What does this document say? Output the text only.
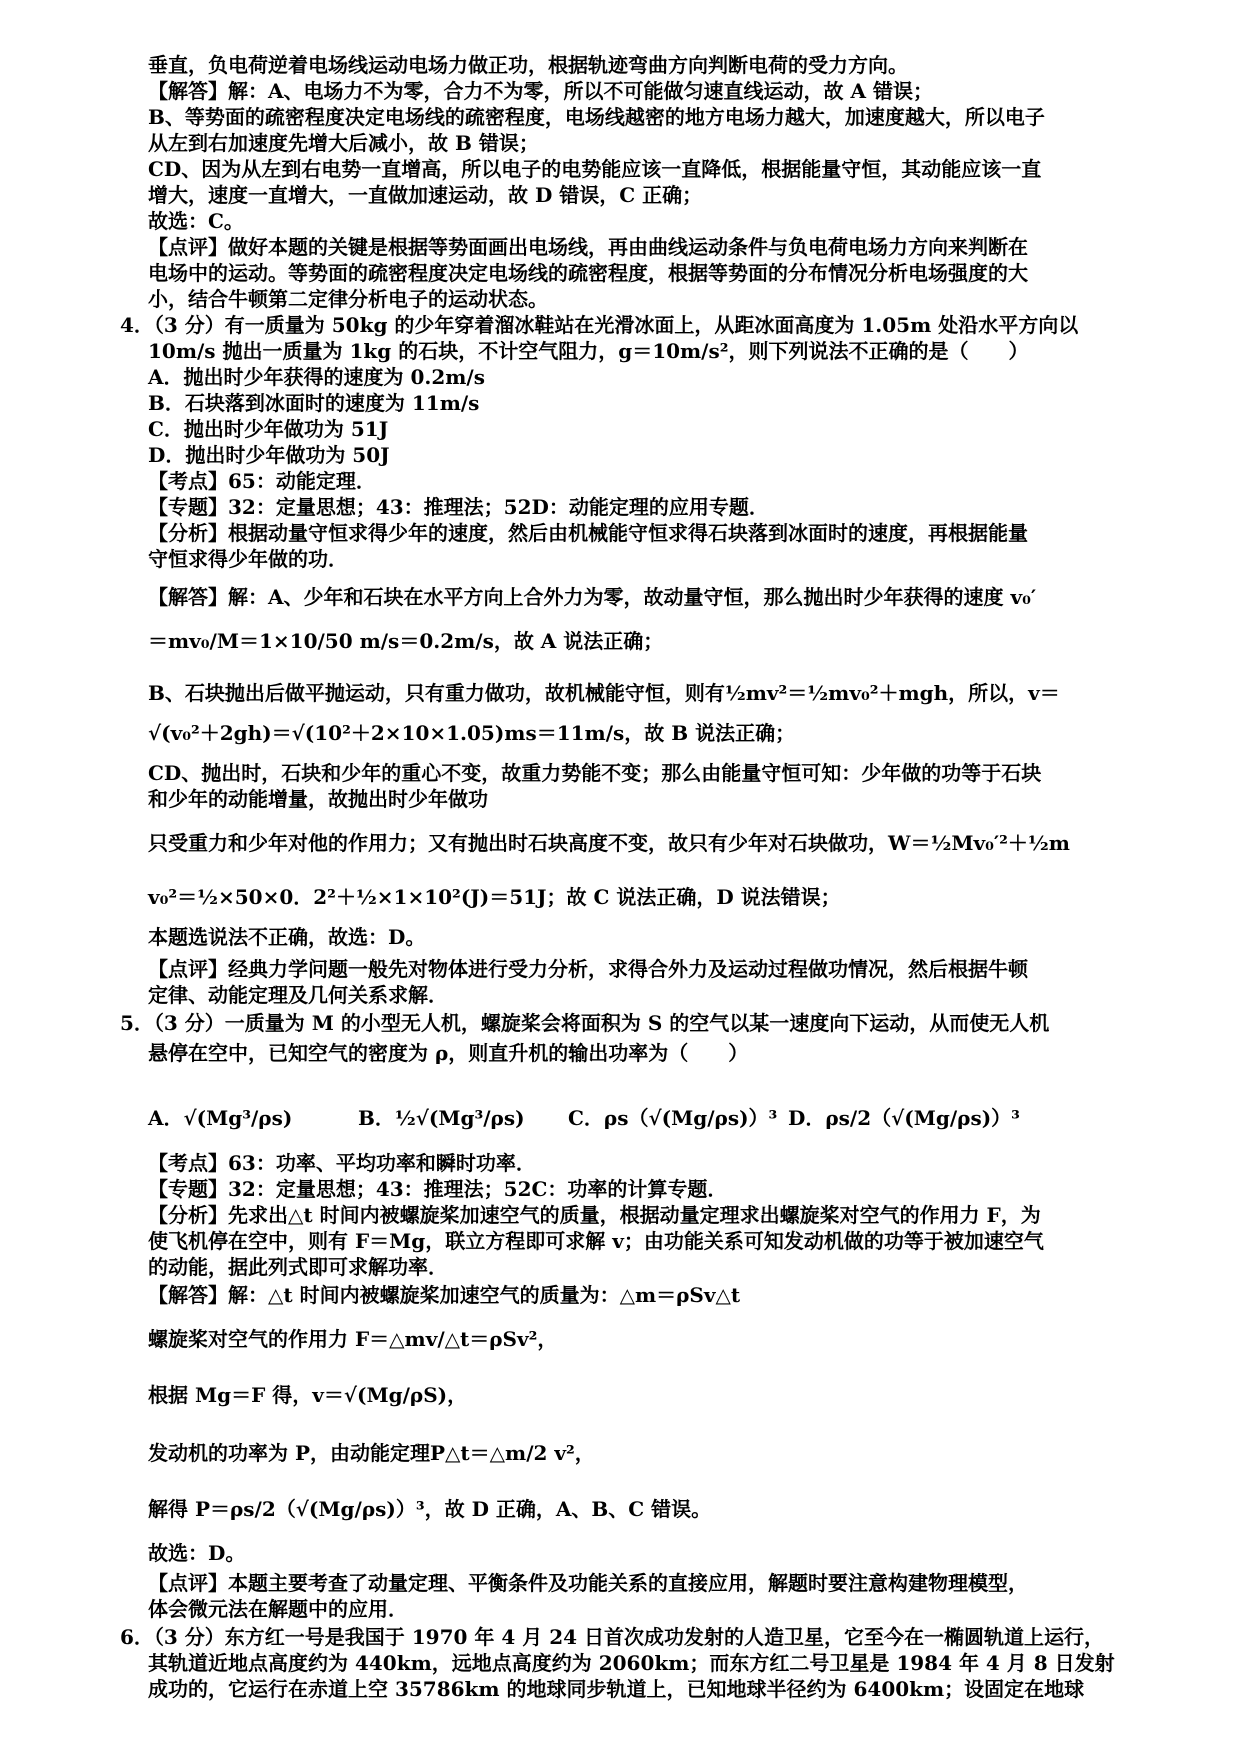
垂直，负电荷逆着电场线运动电场力做正功，根据轨迹弯曲方向判断电荷的受力方向。
【解答】解：A、电场力不为零，合力不为零，所以不可能做匀速直线运动，故 A 错误；
B、等势面的疏密程度决定电场线的疏密程度，电场线越密的地方电场力越大，加速度越大，所以电子
从左到右加速度先增大后减小，故 B 错误；
CD、因为从左到右电势一直增高，所以电子的电势能应该一直降低，根据能量守恒，其动能应该一直
增大，速度一直增大，一直做加速运动，故 D 错误，C 正确；
故选：C。
【点评】做好本题的关键是根据等势面画出电场线，再由曲线运动条件与负电荷电场力方向来判断在
电场中的运动。等势面的疏密程度决定电场线的疏密程度，根据等势面的分布情况分析电场强度的大
小，结合牛顿第二定律分析电子的运动状态。
4．（3 分）有一质量为 50kg 的少年穿着溜冰鞋站在光滑冰面上，从距冰面高度为 1.05m 处沿水平方向以
10m/s 抛出一质量为 1kg 的石块，不计空气阻力，g＝10m/s²，则下列说法不正确的是（　　）
A．抛出时少年获得的速度为 0.2m/s
B．石块落到冰面时的速度为 11m/s
C．抛出时少年做功为 51J
D．抛出时少年做功为 50J
【考点】65：动能定理．
【专题】32：定量思想；43：推理法；52D：动能定理的应用专题．
【分析】根据动量守恒求得少年的速度，然后由机械能守恒求得石块落到冰面时的速度，再根据能量
守恒求得少年做的功．
【解答】解：A、少年和石块在水平方向上合外力为零，故动量守恒，那么抛出时少年获得的速度 v₀′
＝mv₀/M＝1×10/50 m/s＝0.2m/s，故 A 说法正确；
B、石块抛出后做平抛运动，只有重力做功，故机械能守恒，则有½mv²＝½mv₀²＋mgh，所以，v＝
√(v₀²＋2gh)＝√(10²＋2×10×1.05)ms＝11m/s，故 B 说法正确；
CD、抛出时，石块和少年的重心不变，故重力势能不变；那么由能量守恒可知：少年做的功等于石块
和少年的动能增量，故抛出时少年做功
只受重力和少年对他的作用力；又有抛出时石块高度不变，故只有少年对石块做功，W＝½Mv₀′²＋½m
v₀²＝½×50×0．2²＋½×1×10²(J)＝51J；故 C 说法正确，D 说法错误；
本题选说法不正确，故选：D。
【点评】经典力学问题一般先对物体进行受力分析，求得合外力及运动过程做功情况，然后根据牛顿
定律、动能定理及几何关系求解．
5．（3 分）一质量为 M 的小型无人机，螺旋桨会将面积为 S 的空气以某一速度向下运动，从而使无人机
悬停在空中，已知空气的密度为 ρ，则直升机的输出功率为（　　）
A．√(Mg³/ρs)	B．½√(Mg³/ρs) C．ρs（√(Mg/ρs)）³ D．ρs/2（√(Mg/ρs)）³
【考点】63：功率、平均功率和瞬时功率．
【专题】32：定量思想；43：推理法；52C：功率的计算专题．
【分析】先求出△t 时间内被螺旋桨加速空气的质量，根据动量定理求出螺旋桨对空气的作用力 F，为
使飞机停在空中，则有 F＝Mg，联立方程即可求解 v；由功能关系可知发动机做的功等于被加速空气
的动能，据此列式即可求解功率．
【解答】解：△t 时间内被螺旋桨加速空气的质量为：△m＝ρSv△t
螺旋桨对空气的作用力 F＝△mv/△t＝ρSv²，
根据 Mg＝F 得，v＝√(Mg/ρS)，
发动机的功率为 P，由动能定理P△t＝△m/2 v²，
解得 P＝ρs/2（√(Mg/ρs)）³，故 D 正确，A、B、C 错误。
故选：D。
【点评】本题主要考查了动量定理、平衡条件及功能关系的直接应用，解题时要注意构建物理模型，
体会微元法在解题中的应用．
6．（3 分）东方红一号是我国于 1970 年 4 月 24 日首次成功发射的人造卫星，它至今在一椭圆轨道上运行，
其轨道近地点高度约为 440km，远地点高度约为 2060km；而东方红二号卫星是 1984 年 4 月 8 日发射
成功的，它运行在赤道上空 35786km 的地球同步轨道上，已知地球半径约为 6400km；设固定在地球
